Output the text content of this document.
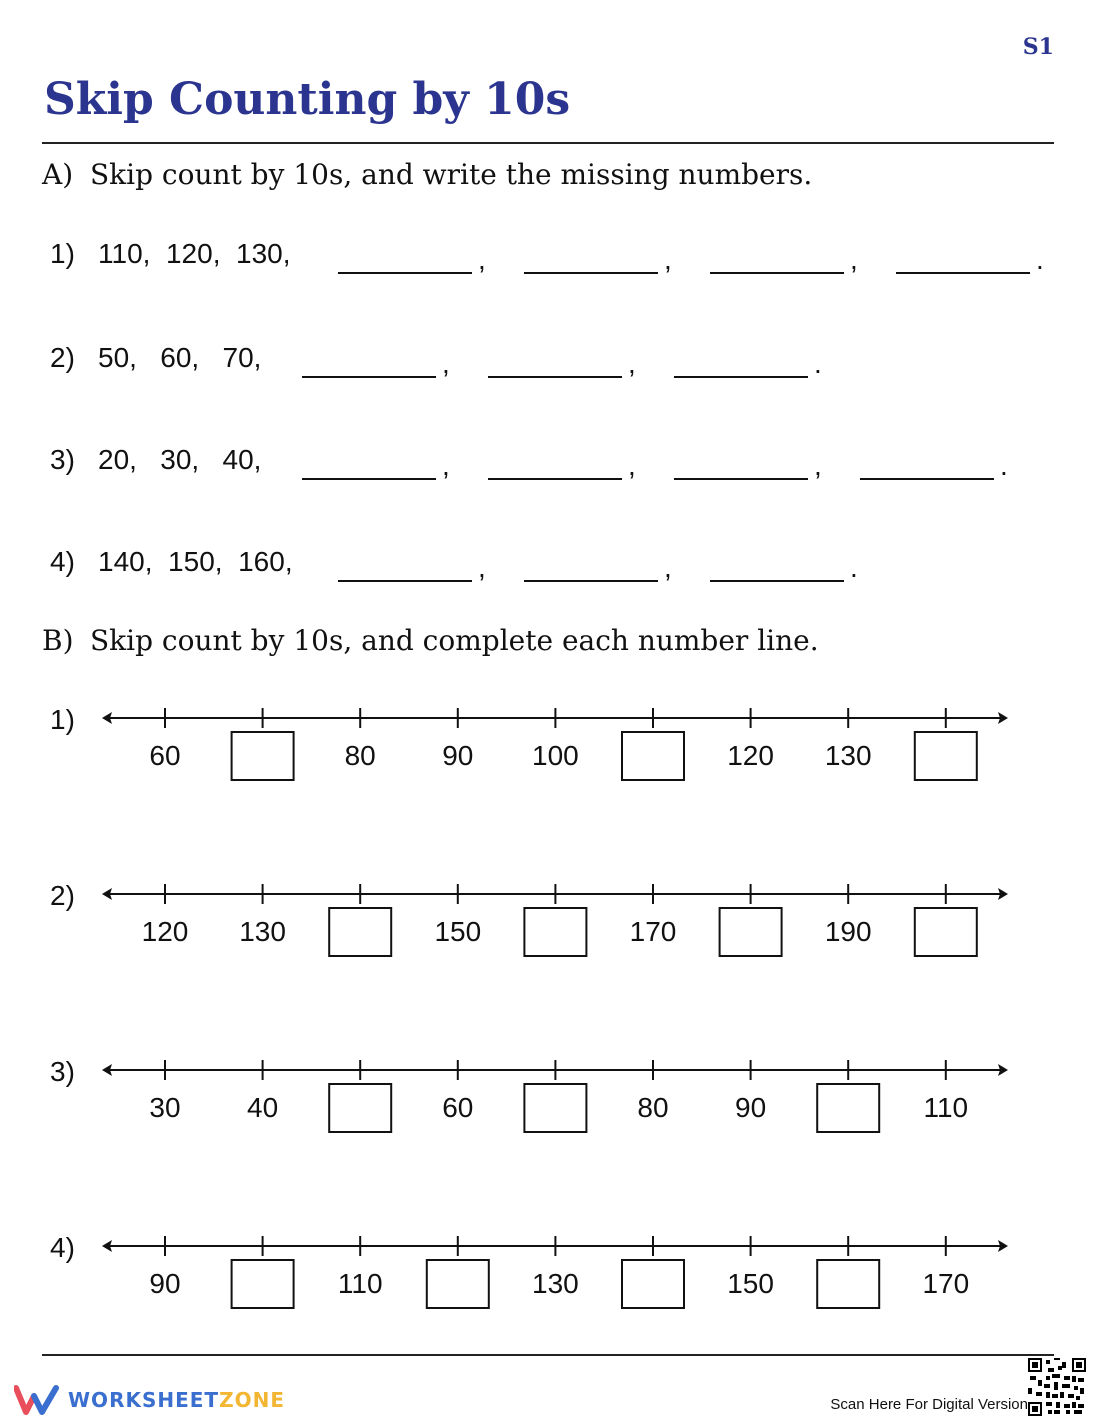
S1
Skip Counting by 10s
A) Skip count by 10s, and write the missing numbers.
1) 110,  120,  130,	,	,	,	.
2) 50,   60,   70,	,	,	.
3) 20,   30,   40,	,	,	,	.
4) 140,  150,  160,	,	,	.
B) Skip count by 10s, and complete each number line.
1)
60	80 90 100	120 130
2)
120 130	150	170	190
3)
30 40	60	80 90	110
4)
90	110	130	150	170
WORKSHEETZONE	Scan Here For Digital Version
